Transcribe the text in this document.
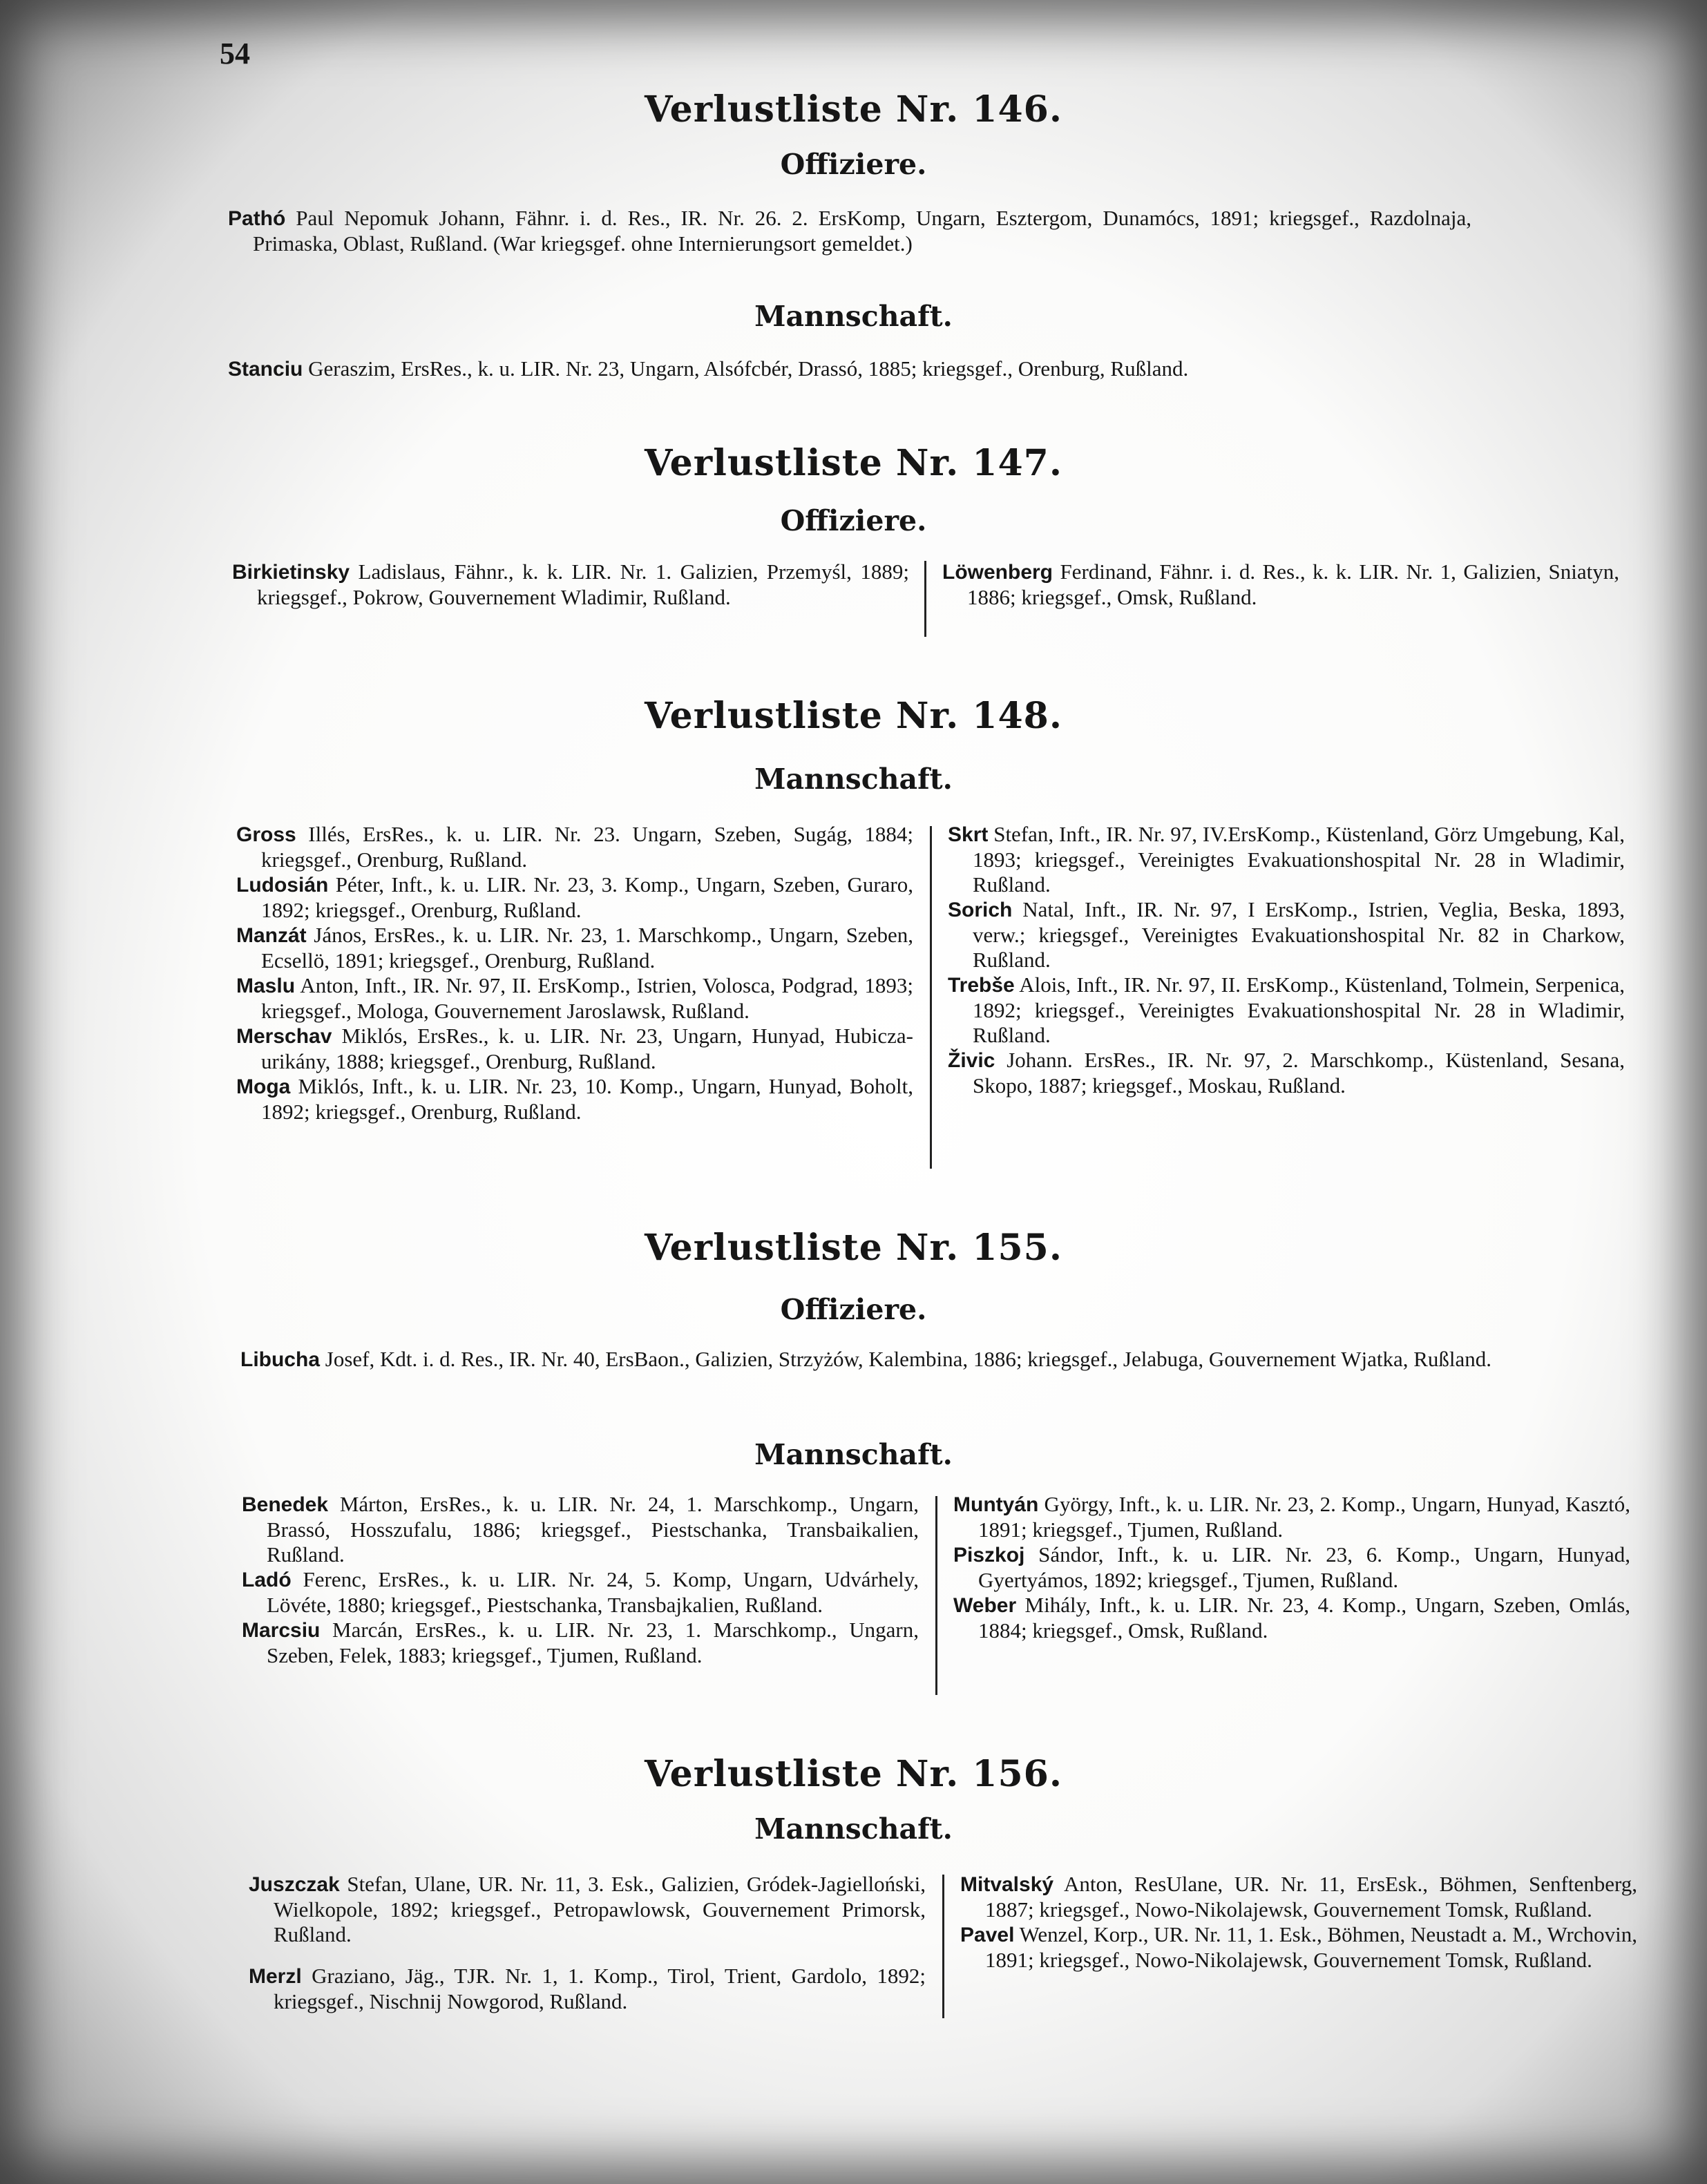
54
Verlustliste Nr. 146.
Offiziere.

Pathó Paul Nepomuk Johann, Fähnr. i. d. Res., IR. Nr. 26. 2. ErsKomp, Ungarn, Esztergom, Dunamócs, 1891; kriegsgef., Razdolnaja, Primaska, Oblast, Rußland. (War kriegsgef. ohne Internierungsort gemeldet.)

Mannschaft.

Stanciu Geraszim, ErsRes., k. u. LIR. Nr. 23, Ungarn, Alsófcbér, Drassó, 1885; kriegsgef., Orenburg, Rußland.

Verlustliste Nr. 147.
Offiziere.

Birkietinsky Ladislaus, Fähnr., k. k. LIR. Nr. 1. Galizien, Przemyśl, 1889; kriegsgef., Pokrow, Gouvernement Wladimir, Rußland.

Löwenberg Ferdinand, Fähnr. i. d. Res., k. k. LIR. Nr. 1, Galizien, Sniatyn, 1886; kriegsgef., Omsk, Rußland.

Verlustliste Nr. 148.
Mannschaft.

Gross Illés, ErsRes., k. u. LIR. Nr. 23. Ungarn, Szeben, Sugág, 1884; kriegsgef., Orenburg, Rußland.

Ludosián Péter, Inft., k. u. LIR. Nr. 23, 3. Komp., Ungarn, Szeben, Guraro, 1892; kriegsgef., Orenburg, Rußland.

Manzát János, ErsRes., k. u. LIR. Nr. 23, 1. Marschkomp., Ungarn, Szeben, Ecsellö, 1891; kriegsgef., Orenburg, Rußland.

Maslu Anton, Inft., IR. Nr. 97, II. ErsKomp., Istrien, Volosca, Podgrad, 1893; kriegsgef., Mologa, Gouvernement Jaroslawsk, Rußland.

Merschav Miklós, ErsRes., k. u. LIR. Nr. 23, Ungarn, Hunyad, Hubicza-urikány, 1888; kriegsgef., Orenburg, Rußland.

Moga Miklós, Inft., k. u. LIR. Nr. 23, 10. Komp., Ungarn, Hunyad, Boholt, 1892; kriegsgef., Orenburg, Rußland.

Skrt Stefan, Inft., IR. Nr. 97, IV.ErsKomp., Küstenland, Görz Umgebung, Kal, 1893; kriegsgef., Vereinigtes Evakuationshospital Nr. 28 in Wladimir, Rußland.

Sorich Natal, Inft., IR. Nr. 97, I ErsKomp., Istrien, Veglia, Beska, 1893, verw.; kriegsgef., Vereinigtes Evakuationshospital Nr. 82 in Charkow, Rußland.

Trebše Alois, Inft., IR. Nr. 97, II. ErsKomp., Küstenland, Tolmein, Serpenica, 1892; kriegsgef., Vereinigtes Evakuationshospital Nr. 28 in Wladimir, Rußland.

Živic Johann. ErsRes., IR. Nr. 97, 2. Marschkomp., Küstenland, Sesana, Skopo, 1887; kriegsgef., Moskau, Rußland.

Verlustliste Nr. 155.
Offiziere.

Libucha Josef, Kdt. i. d. Res., IR. Nr. 40, ErsBaon., Galizien, Strzyżów, Kalembina, 1886; kriegsgef., Jelabuga, Gouvernement Wjatka, Rußland.

Mannschaft.

Benedek Márton, ErsRes., k. u. LIR. Nr. 24, 1. Marschkomp., Ungarn, Brassó, Hosszufalu, 1886; kriegsgef., Piestschanka, Transbaikalien, Rußland.

Ladó Ferenc, ErsRes., k. u. LIR. Nr. 24, 5. Komp, Ungarn, Udvárhely, Lövéte, 1880; kriegsgef., Piestschanka, Transbajkalien, Rußland.

Marcsiu Marcán, ErsRes., k. u. LIR. Nr. 23, 1. Marschkomp., Ungarn, Szeben, Felek, 1883; kriegsgef., Tjumen, Rußland.

Muntyán György, Inft., k. u. LIR. Nr. 23, 2. Komp., Ungarn, Hunyad, Kasztó, 1891; kriegsgef., Tjumen, Rußland.

Piszkoj Sándor, Inft., k. u. LIR. Nr. 23, 6. Komp., Ungarn, Hunyad, Gyertyámos, 1892; kriegsgef., Tjumen, Rußland.

Weber Mihály, Inft., k. u. LIR. Nr. 23, 4. Komp., Ungarn, Szeben, Omlás, 1884; kriegsgef., Omsk, Rußland.

Verlustliste Nr. 156.
Mannschaft.

Juszczak Stefan, Ulane, UR. Nr. 11, 3. Esk., Galizien, Gródek-Jagielloński, Wielkopole, 1892; kriegsgef., Petropawlowsk, Gouvernement Primorsk, Rußland.

Merzl Graziano, Jäg., TJR. Nr. 1, 1. Komp., Tirol, Trient, Gardolo, 1892; kriegsgef., Nischnij Nowgorod, Rußland.

Mitvalský Anton, ResUlane, UR. Nr. 11, ErsEsk., Böhmen, Senftenberg, 1887; kriegsgef., Nowo-Nikolajewsk, Gouvernement Tomsk, Rußland.

Pavel Wenzel, Korp., UR. Nr. 11, 1. Esk., Böhmen, Neustadt a. M., Wrchovin, 1891; kriegsgef., Nowo-Nikolajewsk, Gouvernement Tomsk, Rußland.
